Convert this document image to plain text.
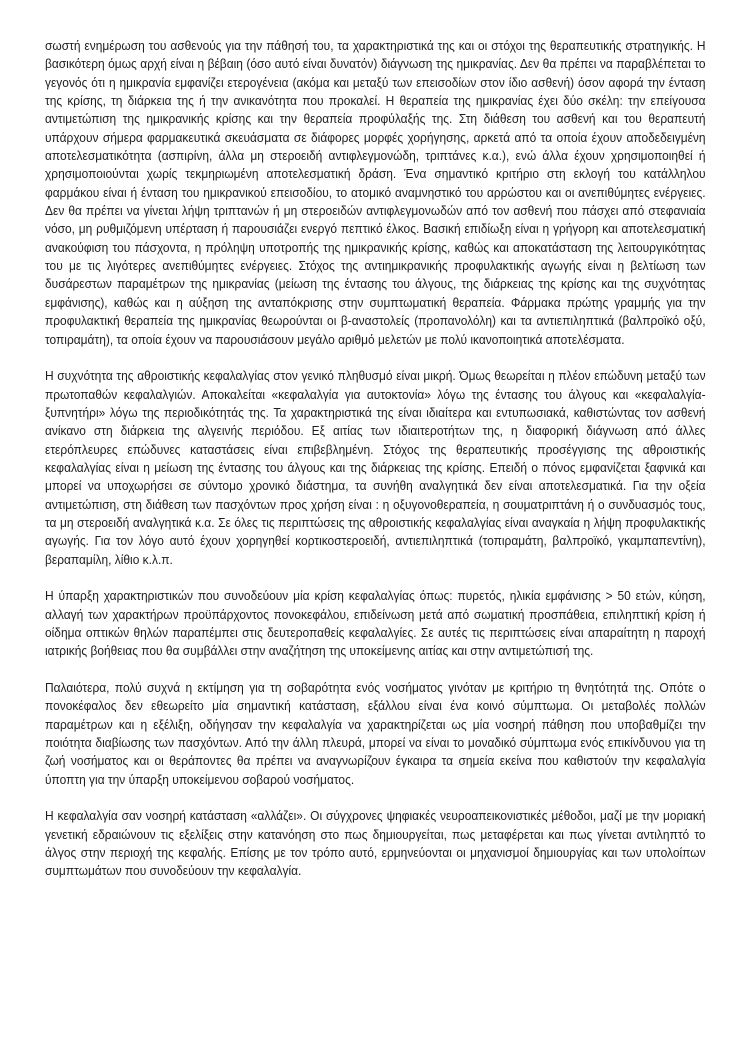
σωστή ενημέρωση του ασθενούς για την πάθησή του, τα χαρακτηριστικά της και οι στόχοι της θεραπευτικής στρατηγικής. Η βασικότερη όμως αρχή είναι η βέβαιη (όσο αυτό είναι δυνατόν) διάγνωση της ημικρανίας. Δεν θα πρέπει να παραβλέπεται το γεγονός ότι η ημικρανία εμφανίζει ετερογένεια (ακόμα και μεταξύ των επεισοδίων στον ίδιο ασθενή) όσον αφορά την ένταση της κρίσης, τη διάρκεια της ή την ανικανότητα που προκαλεί. Η θεραπεία της ημικρανίας έχει δύο σκέλη: την επείγουσα αντιμετώπιση της ημικρανικής κρίσης και την θεραπεία προφύλαξής της. Στη διάθεση του ασθενή και του θεραπευτή υπάρχουν σήμερα φαρμακευτικά σκευάσματα σε διάφορες μορφές χορήγησης, αρκετά από τα οποία έχουν αποδεδειγμένη αποτελεσματικότητα (ασπιρίνη, άλλα μη στεροειδή αντιφλεγμονώδη, τριπτάνες κ.α.), ενώ άλλα έχουν χρησιμοποιηθεί ή χρησιμοποιούνται χωρίς τεκμηριωμένη αποτελεσματική δράση. Ένα σημαντικό κριτήριο στη εκλογή του κατάλληλου φαρμάκου είναι ή ένταση του ημικρανικού επεισοδίου, το ατομικό αναμνηστικό του αρρώστου και οι ανεπιθύμητες ενέργειες. Δεν θα πρέπει να γίνεται λήψη τριπτανών ή μη στεροειδών αντιφλεγμονωδών από τον ασθενή που πάσχει από στεφανιαία νόσο, μη ρυθμιζόμενη υπέρταση ή παρουσιάζει ενεργό πεπτικό έλκος. Βασική επιδίωξη είναι η γρήγορη και αποτελεσματική ανακούφιση του πάσχοντα, η πρόληψη υποτροπής της ημικρανικής κρίσης, καθώς και αποκατάσταση της λειτουργικότητας του με τις λιγότερες ανεπιθύμητες ενέργειες. Στόχος της αντιημικρανικής προφυλακτικής αγωγής είναι η βελτίωση των δυσάρεστων παραμέτρων της ημικρανίας (μείωση της έντασης του άλγους, της διάρκειας της κρίσης και της συχνότητας εμφάνισης), καθώς και η αύξηση της ανταπόκρισης στην συμπτωματική θεραπεία. Φάρμακα πρώτης γραμμής για την προφυλακτική θεραπεία της ημικρανίας θεωρούνται οι β-αναστολείς (προπανολόλη) και τα αντιεπιληπτικά (βαλπροϊκό οξύ, τοπιραμάτη), τα οποία έχουν να παρουσιάσουν μεγάλο αριθμό μελετών με πολύ ικανοποιητικά αποτελέσματα.

Η συχνότητα της αθροιστικής κεφαλαλγίας στον γενικό πληθυσμό είναι μικρή. Όμως θεωρείται η πλέον επώδυνη μεταξύ των πρωτοπαθών κεφαλαλγιών. Αποκαλείται «κεφαλαλγία για αυτοκτονία» λόγω της έντασης του άλγους και «κεφαλαλγία-ξυπνητήρι» λόγω της περιοδικότητάς της. Τα χαρακτηριστικά της είναι ιδιαίτερα και εντυπωσιακά, καθιστώντας τον ασθενή ανίκανο στη διάρκεια της αλγεινής περιόδου. Εξ αιτίας των ιδιαιτεροτήτων της, η διαφορική διάγνωση από άλλες ετερόπλευρες επώδυνες καταστάσεις είναι επιβεβλημένη. Στόχος της θεραπευτικής προσέγγισης της αθροιστικής κεφαλαλγίας είναι η μείωση της έντασης του άλγους και της διάρκειας της κρίσης. Επειδή ο πόνος εμφανίζεται ξαφνικά και μπορεί να υποχωρήσει σε σύντομο χρονικό διάστημα, τα συνήθη αναλγητικά δεν είναι αποτελεσματικά. Για την οξεία αντιμετώπιση, στη διάθεση των πασχόντων προς χρήση είναι : η οξυγονοθεραπεία, η σουματριπτάνη ή ο συνδυασμός τους, τα μη στεροειδή αναλγητικά κ.α. Σε όλες τις περιπτώσεις της αθροιστικής κεφαλαλγίας είναι αναγκαία η λήψη προφυλακτικής αγωγής. Για τον λόγο αυτό έχουν χορηγηθεί κορτικοστεροειδή, αντιεπιληπτικά (τοπιραμάτη, βαλπροϊκό, γκαμπαπεντίνη), βεραπαμίλη, λίθιο κ.λ.π.

Η ύπαρξη χαρακτηριστικών που συνοδεύουν μία κρίση κεφαλαλγίας όπως: πυρετός, ηλικία εμφάνισης > 50 ετών, κύηση, αλλαγή των χαρακτήρων προϋπάρχοντος πονοκεφάλου, επιδείνωση μετά από σωματική προσπάθεια, επιληπτική κρίση ή οίδημα οπτικών θηλών παραπέμπει στις δευτεροπαθείς κεφαλαλγίες. Σε αυτές τις περιπτώσεις είναι απαραίτητη η παροχή ιατρικής βοήθειας που θα συμβάλλει στην αναζήτηση της υποκείμενης αιτίας και στην αντιμετώπισή της.

Παλαιότερα, πολύ συχνά η εκτίμηση για τη σοβαρότητα ενός νοσήματος γινόταν με κριτήριο τη θνητότητά της. Οπότε ο πονοκέφαλος δεν εθεωρείτο μία σημαντική κατάσταση, εξάλλου είναι ένα κοινό σύμπτωμα. Οι μεταβολές πολλών παραμέτρων και η εξέλιξη, οδήγησαν την κεφαλαλγία να χαρακτηρίζεται ως μία νοσηρή πάθηση που υποβαθμίζει την ποιότητα διαβίωσης των πασχόντων. Από την άλλη πλευρά, μπορεί να είναι το μοναδικό σύμπτωμα ενός επικίνδυνου για τη ζωή νοσήματος και οι θεράποντες θα πρέπει να αναγνωρίζουν έγκαιρα τα σημεία εκείνα που καθιστούν την κεφαλαλγία ύποπτη για την ύπαρξη υποκείμενου σοβαρού νοσήματος.

Η κεφαλαλγία σαν νοσηρή κατάσταση «αλλάζει». Οι σύγχρονες ψηφιακές νευροαπεικονιστικές μέθοδοι, μαζί με την μοριακή γενετική εδραιώνουν τις εξελίξεις στην κατανόηση στο πως δημιουργείται, πως μεταφέρεται και πως γίνεται αντιληπτό το άλγος στην περιοχή της κεφαλής. Επίσης με τον τρόπο αυτό, ερμηνεύονται οι μηχανισμοί δημιουργίας και των υπολοίπων συμπτωμάτων που συνοδεύουν την κεφαλαλγία.
